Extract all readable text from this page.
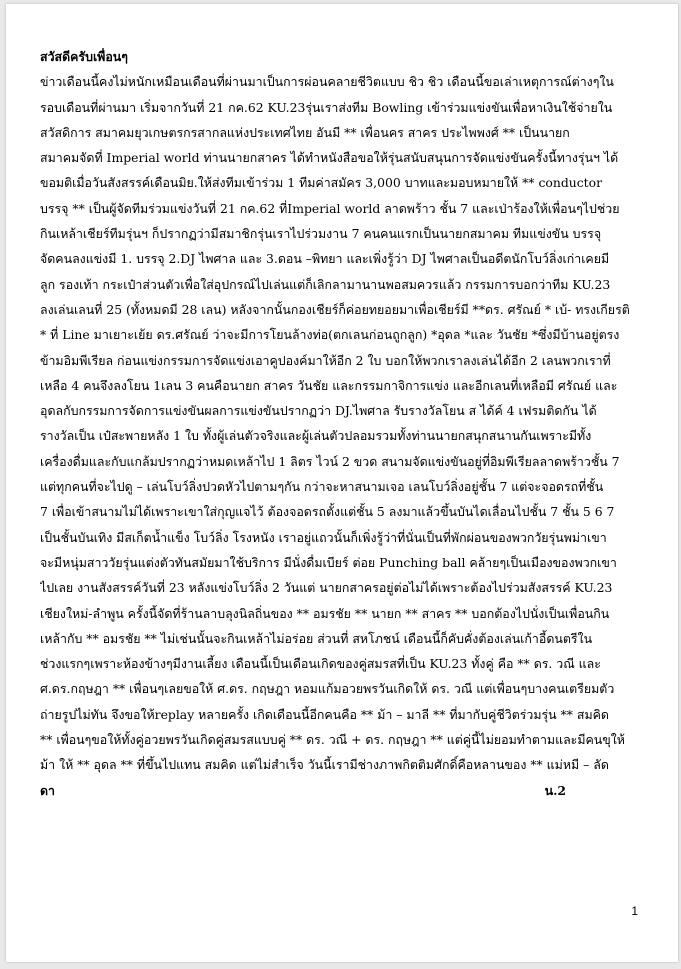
สวัสดีครับเพื่อนๆ
ข่าวเดือนนี้คงไม่หนักเหมือนเดือนที่ผ่านมาเป็นการผ่อนคลายชีวิตแบบ ชิว ชิว เดือนนี้ขอเล่าเหตุการณ์ต่างๆใน
รอบเดือนที่ผ่านมา เริ่มจากวันที่ 21 กค.62 KU.23รุ่นเราส่งทีม Bowling เข้าร่วมแข่งขันเพื่อหาเงินใช้จ่ายใน
สวัสดิการ สมาคมยุวเกษตรกรสากลแห่งประเทศไทย อันมี ** เพื่อนคร สาคร ประไพพงศ์ ** เป็นนายก
สมาคมจัดที่ Imperial world ท่านนายกสาคร ได้ทำหนังสือขอให้รุ่นสนับสนุนการจัดแข่งขันครั้งนี้ทางรุ่นฯ ได้
ขอมติเมื่อวันสังสรรค์เดือนมิย.ให้ส่งทีมเข้าร่วม 1 ทีมค่าสมัคร 3,000 บาทและมอบหมายให้ ** conductor
บรรจุ ** เป็นผู้จัดทีมร่วมแข่งวันที่ 21 กค.62 ที่Imperial world ลาดพร้าว ชั้น 7 และเป่าร้องให้เพื่อนๆไปช่วย
กินเหล้าเชียร์ทีมรุ่นฯ ก็ปรากฏว่ามีสมาชิกรุ่นเราไปร่วมงาน 7 คนคนแรกเป็นนายกสมาคม ทีมแข่งขัน บรรจุ
จัดคนลงแข่งมี 1. บรรจุ 2.DJ ไพศาล และ 3.ดอน –พิทยา และเพิ่งรู้ว่า DJ ไพศาลเป็นอดีตนักโบว์ลิ่งเก่าเคยมี
ลูก รองเท้า กระเป๋าส่วนตัวเพื่อใส่อุปกรณ์ไปเล่นแต่ก็เลิกลามานานพอสมควรแล้ว กรรมการบอกว่าทีม KU.23
ลงเล่นเลนที่ 25 (ทั้งหมดมี 28 เลน) หลังจากนั้นกองเชียร์ก็ค่อยทยอยมาเพื่อเชียร์มี **ดร. ศรัณย์ * เบ้- ทรงเกียรติ
* ที่ Line มาเยาะเย้ย ดร.ศรัณย์ ว่าจะมีการโยนล้างท่อ(ตกเลนก่อนถูกลูก) *อุดล *และ วันชัย *ซึ่งมีบ้านอยู่ตรง
ข้ามอิมพีเรียล ก่อนแข่งกรรมการจัดแข่งเอาคูปองค์มาให้อีก 2 ใบ บอกให้พวกเราลงเล่นได้อีก 2 เลนพวกเราที่
เหลือ 4 คนจึงลงโยน 1เลน 3 คนคือนายก สาคร วันชัย และกรรมกาจิการแข่ง และอีกเลนที่เหลือมี ศรัณย์ และ
อุดลกับกรรมการจัดการแข่งขันผลการแข่งขันปรากฏว่า DJ.ไพศาล รับรางวัลโยน ส ได้ค์ 4 เฟรมติดกัน ได้
รางวัลเป็น เป๋สะพายหลัง 1 ใบ ทั้งผู้เล่นตัวจริงและผู้เล่นตัวปลอมรวมทั้งท่านนายกสนุกสนานกันเพราะมีทั้ง
เครื่องดื่มและกับแกล้มปรากฏว่าหมดเหล้าไป 1 ลิตร ไวน์ 2 ขวด สนามจัดแข่งขันอยู่ที่อิมพีเรียลลาดพร้าวชั้น 7
แต่ทุกคนที่จะไปดู – เล่นโบว์ลิ่งปวดหัวไปตามๆกัน กว่าจะหาสนามเจอ เลนโบว์ลิ่งอยู่ชั้น 7 แต่จะจอดรถที่ชั้น
7 เพื่อเข้าสนามไม่ได้เพราะเขาใส่กุญแจไว้ ต้องจอดรถตั้งแต่ชั้น 5 ลงมาแล้วขึ้นบันไดเลื่อนไปชั้น 7 ชั้น 5 6 7
เป็นชั้นบันเทิง มีสเก็ตน้ำแข็ง โบว์ลิ่ง โรงหนัง เราอยู่แถวนั้นก็เพิ่งรู้ว่าที่นั่นเป็นที่พักผ่อนของพวกวัยรุ่นพม่าเขา
จะมีหนุ่มสาววัยรุ่นแต่งตัวทันสมัยมาใช้บริการ มีนั่งดื่มเบียร์ ต่อย Punching ball คล้ายๆเป็นเมืองของพวกเขา
ไปเลย งานสังสรรค์วันที่ 23 หลังแข่งโบว์ลิ่ง 2 วันแต่ นายกสาครอยู่ต่อไม่ได้เพราะต้องไปร่วมสังสรรค์ KU.23
เชียงใหม่-ลำพูน ครั้งนี้จัดที่ร้านลาบลุงนิลถิ่นของ ** อมรชัย ** นายก ** สาคร ** บอกต้องไปนั่งเป็นเพื่อนกิน
เหล้ากับ ** อมรชัย ** ไม่เช่นนั้นจะกินเหล้าไม่อร่อย ส่วนที่ สหโภชน์ เดือนนี้ก็คับคั่งต้องเล่นเก้าอี้ดนตรีใน
ช่วงแรกๆเพราะห้องข้างๆมีงานเลี้ยง เดือนนี้เป็นเดือนเกิดของคู่สมรสที่เป็น KU.23 ทั้งคู่ คือ ** ดร. วณี และ
ศ.ดร.กฤษฎา ** เพื่อนๆเลยขอให้ ศ.ดร. กฤษฎา หอมแก้มอวยพรวันเกิดให้ ดร. วณี แต่เพื่อนๆบางคนเตรียมตัว
ถ่ายรูปไม่ทัน จึงขอให้replay หลายครั้ง เกิดเดือนนี้อีกคนคือ ** ม้า – มาลี ** ที่มากับคู่ชีวิตร่วมรุ่น ** สมคิด
** เพื่อนๆขอให้ทั้งคู่อวยพรวันเกิดคู่สมรสแบบคู่ ** ดร. วณี + ดร. กฤษฎา ** แต่คู่นี้ไม่ยอมทำตามและมีคนขุให้
ม้า ให้ ** อุดล ** ที่ขึ้นไปแทน สมคิด แต่ไม่สำเร็จ วันนี้เรามีช่างภาพกิตติมศักดิ์คือหลานของ ** แม่หมี – ลัด
ดา	น.2
1
